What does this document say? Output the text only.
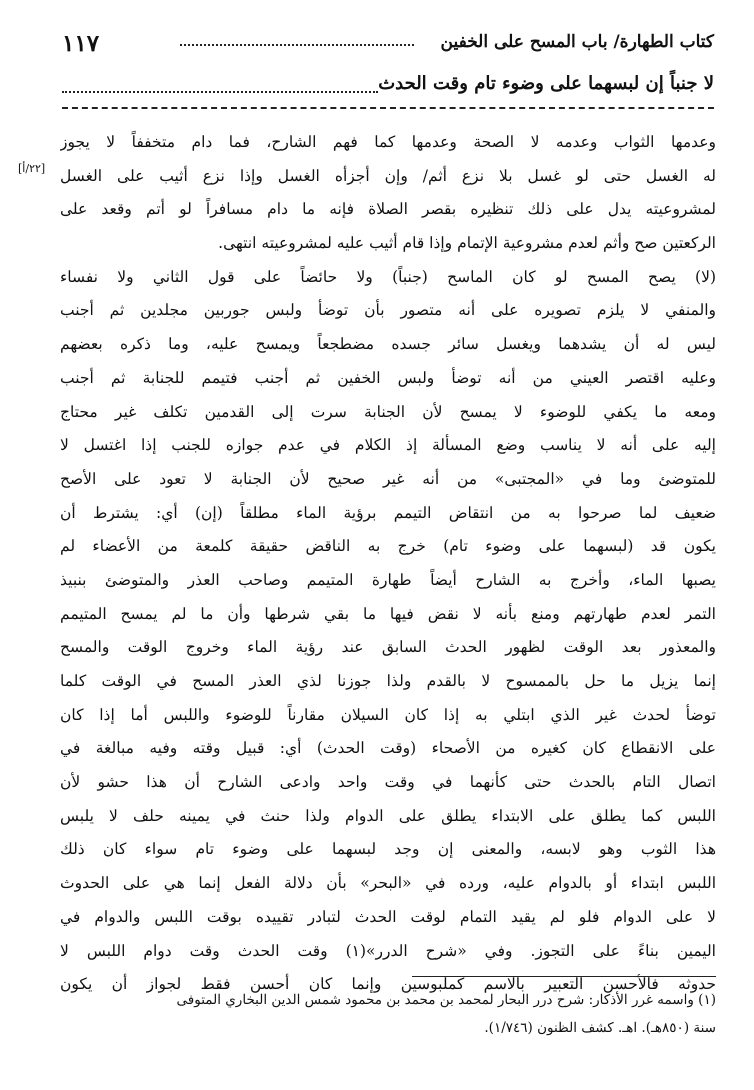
١١٧	كتاب الطهارة/ باب المسح على الخفين
لا جنباً إن لبسهما على وضوء تام وقت الحدث
[٢٢/أ]
وعدمها الثواب وعدمه لا الصحة وعدمها كما فهم الشارح، فما دام متخففاً لا يجوز
له الغسل حتى لو غسل بلا نزع أثم/ وإن أجزأه الغسل وإذا نزع أثيب على الغسل
لمشروعيته يدل على ذلك تنظيره بقصر الصلاة فإنه ما دام مسافراً لو أتم وقعد على
الركعتين صح وأثم لعدم مشروعية الإتمام وإذا قام أثيب عليه لمشروعيته انتهى.
(لا) يصح المسح لو كان الماسح (جنباً) ولا حائضاً على قول الثاني ولا نفساء
والمنفي لا يلزم تصويره على أنه متصور بأن توضأ ولبس جوربين مجلدين ثم أجنب
ليس له أن يشدهما ويغسل سائر جسده مضطجعاً ويمسح عليه، وما ذكره بعضهم
وعليه اقتصر العيني من أنه توضأ ولبس الخفين ثم أجنب فتيمم للجنابة ثم أجنب
ومعه ما يكفي للوضوء لا يمسح لأن الجنابة سرت إلى القدمين تكلف غير محتاج
إليه على أنه لا يناسب وضع المسألة إذ الكلام في عدم جوازه للجنب إذا اغتسل لا
للمتوضئ وما في «المجتبى» من أنه غير صحيح لأن الجنابة لا تعود على الأصح
ضعيف لما صرحوا به من انتقاض التيمم برؤية الماء مطلقاً (إن) أي: يشترط أن
يكون قد (لبسهما على وضوء تام) خرج به الناقض حقيقة كلمعة من الأعضاء لم
يصبها الماء، وأخرج به الشارح أيضاً طهارة المتيمم وصاحب العذر والمتوضئ بنبيذ
التمر لعدم طهارتهم ومنع بأنه لا نقض فيها ما بقي شرطها وأن ما لم يمسح المتيمم
والمعذور بعد الوقت لظهور الحدث السابق عند رؤية الماء وخروج الوقت والمسح
إنما يزيل ما حل بالممسوح لا بالقدم ولذا جوزنا لذي العذر المسح في الوقت كلما
توضأ لحدث غير الذي ابتلي به إذا كان السيلان مقارناً للوضوء واللبس أما إذا كان
على الانقطاع كان كغيره من الأصحاء (وقت الحدث) أي: قبيل وقته وفيه مبالغة في
اتصال التام بالحدث حتى كأنهما في وقت واحد وادعى الشارح أن هذا حشو لأن
اللبس كما يطلق على الابتداء يطلق على الدوام ولذا حنث في يمينه حلف لا يلبس
هذا الثوب وهو لابسه، والمعنى إن وجد لبسهما على وضوء تام سواء كان ذلك
اللبس ابتداء أو بالدوام عليه، ورده في «البحر» بأن دلالة الفعل إنما هي على الحدوث
لا على الدوام فلو لم يقيد التمام لوقت الحدث لتبادر تقييده بوقت اللبس والدوام في
اليمين بناءً على التجوز. وفي «شرح الدرر»(١) وقت الحدث وقت دوام اللبس لا
حدوثه فالأحسن التعبير بالاسم كملبوسين وإنما كان أحسن فقط لجواز أن يكون
(١) واسمه غرر الأذكار: شرح درر البحار لمحمد بن محمد بن محمود شمس الدين البخاري المتوفى
سنة (٨٥٠هـ). اهـ. كشف الظنون (١/٧٤٦).
